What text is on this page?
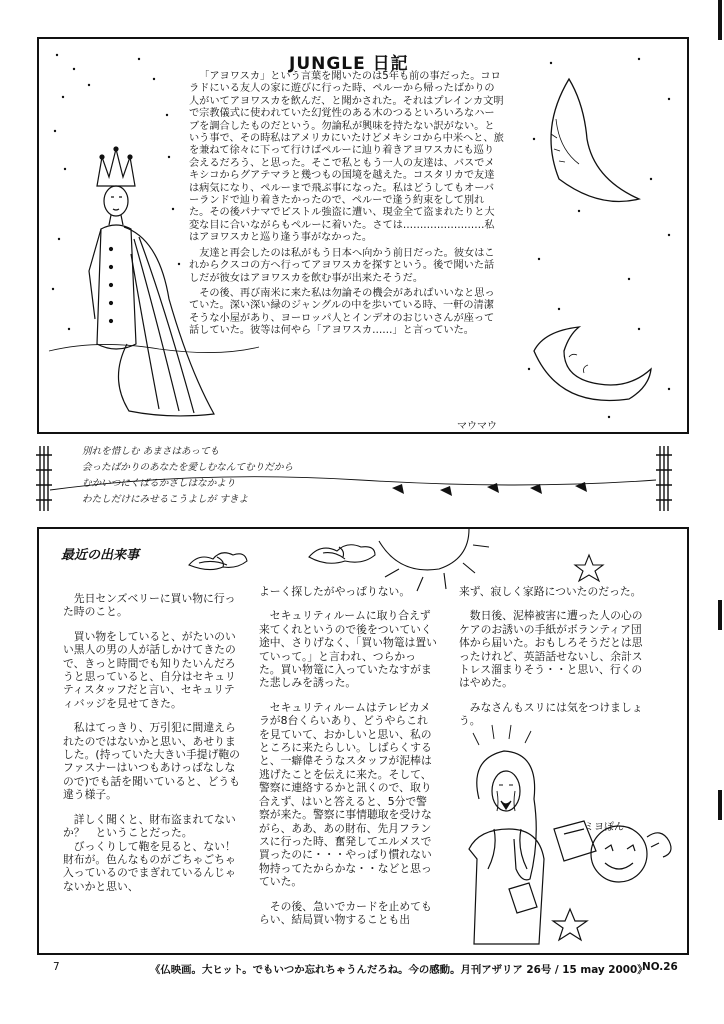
JUNGLE 日記

「アヨワスカ」という言葉を聞いたのは5年も前の事だった。コロラドにいる友人の家に遊びに行った時、ペルーから帰ったばかりの人がいてアヨワスカを飲んだ、と聞かされた。それはプレインカ文明で宗教儀式に使われていた幻覚性のある木のつるといろいろなハーブを調合したものだという。勿論私が興味を持たない訳がない。という事で、その時私はアメリカにいたけどメキシコから中米へと、旅を兼ねて徐々に下って行けばペルーに辿り着きアヨワスカにも巡り会えるだろう、と思った。そこで私ともう一人の友達は、バスでメキシコからグアテマラと幾つもの国境を越えた。コスタリカで友達は病気になり、ペルーまで飛ぶ事になった。私はどうしてもオーバーランドで辿り着きたかったので、ペルーで逢う約束をして別れた。その後パナマでピストル強盗に遭い、現金全て盗まれたりと大変な目に合いながらもペルーに着いた。さては……………………私はアヨワスカと巡り逢う事がなかった。

友達と再会したのは私がもう日本へ向かう前日だった。彼女はこれからクスコの方へ行ってアヨワスカを探すという。後で聞いた話しだが彼女はアヨワスカを飲む事が出来たそうだ。

その後、再び南米に来た私は勿論その機会があればいいなと思っていた。深い深い緑のジャングルの中を歩いている時、一軒の清潔そうな小屋があり、ヨーロッパ人とインデオのおじいさんが座って話していた。彼等は何やら「アヨワスカ……」と言っていた。

マウマウ
別れを惜しむ あまさはあっても
会ったばかりのあなたを愛しむなんてむりだから
むかいつにくばるかさしはなかより
わたしだけにみせるこうよしが すきよ
最近の出来事

先日センズベリーに買い物に行った時のこと。

買い物をしていると、がたいのいい黒人の男の人が話しかけてきたので、きっと時間でも知りたいんだろうと思っていると、自分はセキュリティスタッフだと言い、セキュリティバッジを見せてきた。

私はてっきり、万引犯に間違えられたのではないかと思い、あせりました。(持っていた大きい手提げ鞄のファスナーはいつもあけっぱなしなので)でも話を聞いていると、どうも違う様子。

詳しく聞くと、財布盗まれてないか？　ということだった。

びっくりして鞄を見ると、ない！　財布が。色んなものがごちゃごちゃ入っているのでまぎれているんじゃないかと思い、

よーく探したがやっぱりない。

セキュリティルームに取り合えず来てくれというので後をついていく途中、さりげなく、「買い物篭は置いていって。」と言われ、つらかった。買い物篭に入っていたなすがまた悲しみを誘った。

セキュリティルームはテレビカメラが8台くらいあり、どうやらこれを見ていて、おかしいと思い、私のところに来たらしい。しばらくすると、一癖偉そうなスタッフが泥棒は逃げたことを伝えに来た。そして、警察に連絡するかと訊くので、取り合えず、はいと答えると、5分で警察が来た。警察に事情聴取を受けながら、ああ、あの財布、先月フランスに行った時、奮発してエルメスで買ったのに・・・やっぱり慣れない物持ってたからかな・・などと思っていた。

その後、急いでカードを止めてもらい、結局買い物することも出

来ず、寂しく家路についたのだった。

数日後、泥棒被害に遭った人の心のケアのお誘いの手紙がボランティア団体から届いた。おもしろそうだとは思ったけれど、英語話せないし、余計ストレス溜まりそう・・と思い、行くのはやめた。

みなさんもスリには気をつけましょう。

ミヨぽん
7	《仏映画。大ヒット。でもいつか忘れちゃうんだろね。今の感動。月刊アザリア 26号 / 15 may 2000》
NO.26
